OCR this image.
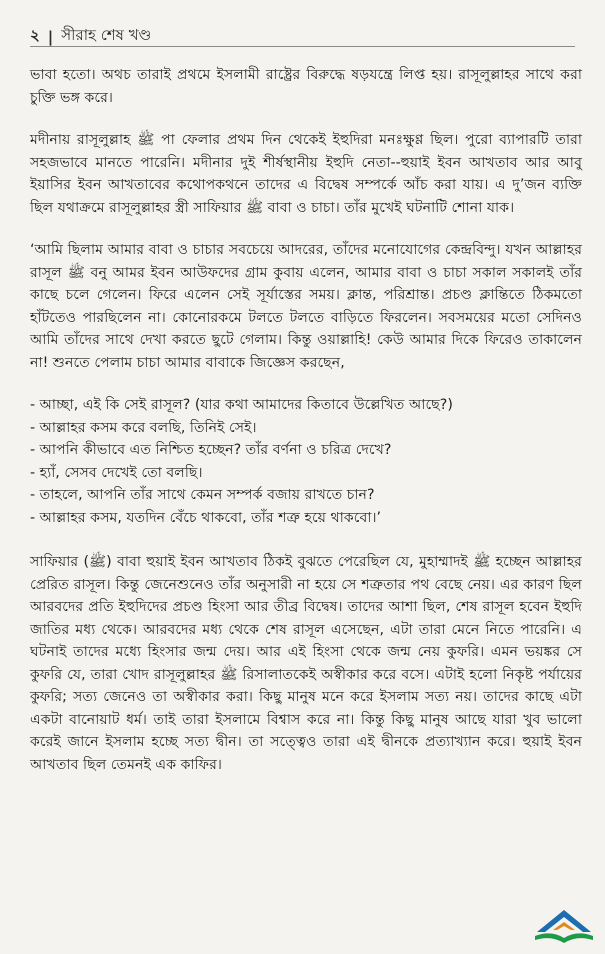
২ | সীরাহ শেষ খণ্ড

ভাবা হতো। অথচ তারাই প্রথমে ইসলামী রাষ্ট্রের বিরুদ্ধে ষড়যন্ত্রে লিপ্ত হয়। রাসূলুল্লাহর সাথে করা চুক্তি ভঙ্গ করে।

মদীনায় রাসূলুল্লাহ ﷺ পা ফেলার প্রথম দিন থেকেই ইহুদিরা মনঃক্ষুণ্ণ ছিল। পুরো ব্যাপারটি তারা সহজভাবে মানতে পারেনি। মদীনার দুই শীর্ষস্থানীয় ইহুদি নেতা--হুয়াই ইবন আখতাব আর আবু ইয়াসির ইবন আখতাবের কথোপকথনে তাদের এ বিদ্বেষ সম্পর্কে আঁচ করা যায়। এ দু’জন ব্যক্তি ছিল যথাক্রমে রাসূলুল্লাহর স্ত্রী সাফিয়ার ﷺ বাবা ও চাচা। তাঁর মুখেই ঘটনাটি শোনা যাক।

‘আমি ছিলাম আমার বাবা ও চাচার সবচেয়ে আদরের, তাঁদের মনোযোগের কেন্দ্রবিন্দু। যখন আল্লাহর রাসূল ﷺ বনু আমর ইবন আউফদের গ্রাম কুবায় এলেন, আমার বাবা ও চাচা সকাল সকালই তাঁর কাছে চলে গেলেন। ফিরে এলেন সেই সূর্যাস্তের সময়। ক্লান্ত, পরিশ্রান্ত। প্রচণ্ড ক্লান্তিতে ঠিকমতো হাঁটতেও পারছিলেন না। কোনোরকমে টলতে টলতে বাড়িতে ফিরলেন। সবসময়ের মতো সেদিনও আমি তাঁদের সাথে দেখা করতে ছুটে গেলাম। কিন্তু ওয়াল্লাহি! কেউ আমার দিকে ফিরেও তাকালেন না! শুনতে পেলাম চাচা আমার বাবাকে জিজ্ঞেস করছেন,

- আচ্ছা, এই কি সেই রাসূল? (যার কথা আমাদের কিতাবে উল্লেখিত আছে?)
- আল্লাহর কসম করে বলছি, তিনিই সেই।
- আপনি কীভাবে এত নিশ্চিত হচ্ছেন? তাঁর বর্ণনা ও চরিত্র দেখে?
- হ্যাঁ, সেসব দেখেই তো বলছি।
- তাহলে, আপনি তাঁর সাথে কেমন সম্পর্ক বজায় রাখতে চান?
- আল্লাহর কসম, যতদিন বেঁচে থাকবো, তাঁর শত্রু হয়ে থাকবো।’

সাফিয়ার (ﷺ) বাবা হুয়াই ইবন আখতাব ঠিকই বুঝতে পেরেছিল যে, মুহাম্মাদই ﷺ হচ্ছেন আল্লাহর প্রেরিত রাসূল। কিন্তু জেনেশুনেও তাঁর অনুসারী না হয়ে সে শত্রুতার পথ বেছে নেয়। এর কারণ ছিল আরবদের প্রতি ইহুদিদের প্রচণ্ড হিংসা আর তীব্র বিদ্বেষ। তাদের আশা ছিল, শেষ রাসূল হবেন ইহুদি জাতির মধ্য থেকে। আরবদের মধ্য থেকে শেষ রাসূল এসেছেন, এটা তারা মেনে নিতে পারেনি। এ ঘটনাই তাদের মধ্যে হিংসার জন্ম দেয়। আর এই হিংসা থেকে জন্ম নেয় কুফরি। এমন ভয়ঙ্কর সে কুফরি যে, তারা খোদ রাসূলুল্লাহর ﷺ রিসালাতকেই অস্বীকার করে বসে। এটাই হলো নিকৃষ্ট পর্যায়ের কুফরি; সত্য জেনেও তা অস্বীকার করা। কিছু মানুষ মনে করে ইসলাম সত্য নয়। তাদের কাছে এটা একটা বানোয়াট ধর্ম। তাই তারা ইসলামে বিশ্বাস করে না। কিন্তু কিছু মানুষ আছে যারা খুব ভালো করেই জানে ইসলাম হচ্ছে সত্য দ্বীন। তা সত্ত্বেও তারা এই দ্বীনকে প্রত্যাখ্যান করে। হুয়াই ইবন আখতাব ছিল তেমনই এক কাফির।
